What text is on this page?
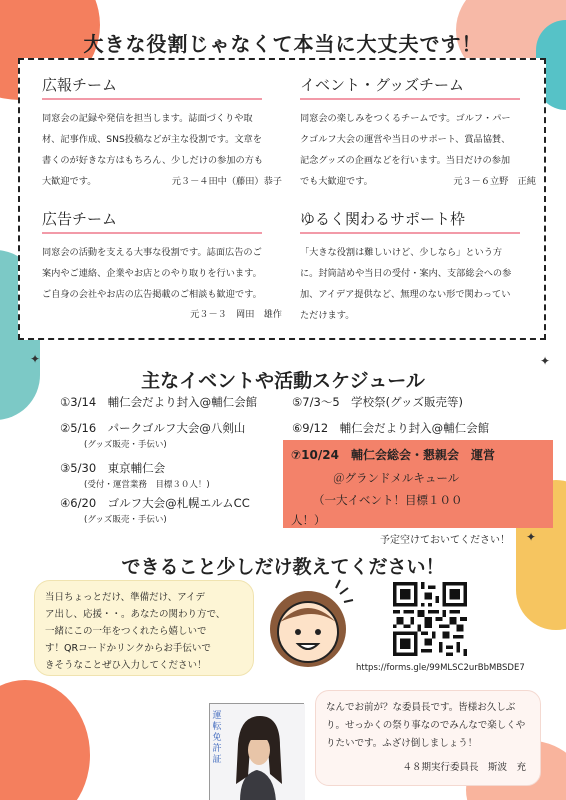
大きな役割じゃなくて本当に大丈夫です！
広報チーム

同窓会の記録や発信を担当します。誌面づくりや取
材、記事作成、SNS投稿などが主な役割です。文章を
書くのが好きな方はもちろん、少しだけの参加の方も
大歓迎です。	元３－４田中（藤田）恭子

イベント・グッズチーム

同窓会の楽しみをつくるチームです。ゴルフ・パー
クゴルフ大会の運営や当日のサポート、賞品協賛、
記念グッズの企画などを行います。当日だけの参加
でも大歓迎です。	元３－６立野　正純

広告チーム

同窓会の活動を支える大事な役割です。誌面広告のご
案内やご連絡、企業やお店とのやり取りを行います。
ご自身の会社やお店の広告掲載のご相談も歓迎です。

元３－３　岡田　雄作
ゆるく関わるサポート枠

「大きな役割は難しいけど、少しなら」という方
に。封筒詰めや当日の受付・案内、支部総会への参
加、アイデア提供など、無理のない形で関わってい
ただけます。

✦	✦
主なイベントや活動スケジュール
①3/14　輔仁会だより封入@輔仁会館
②5/16　パークゴルフ大会@八剣山
(グッズ販売・手伝い)
③5/30　東京輔仁会
(受付・運営業務　目標３０人！)
④6/20　ゴルフ大会@札幌エルムCC
(グッズ販売・手伝い)
⑤7/3～5　学校祭(グッズ販売等)
⑥9/12　輔仁会だより封入@輔仁会館
⑦10/24　輔仁会総会・懇親会　運営
＠グランドメルキュール
（一大イベント！目標１００
人！）
予定空けておいてください！ ✦
できること少しだけ教えてください！
当日ちょっとだけ、準備だけ、アイデ
ア出し、応援・・。あなたの関わり方で、
一緒にこの一年をつくれたら嬉しいで
す！QRコードかリンクからお手伝いで
きそうなことぜひ入力してください！	https://forms.gle/99MLSC2urBbMBSDE7
運
転
免
許
証
なんでお前が？な委員長です。皆様お久しぶ
り。せっかくの祭り事なのでみんなで楽しくや
りたいです。ふざけ倒しましょう！
４８期実行委員長　斯波　充
